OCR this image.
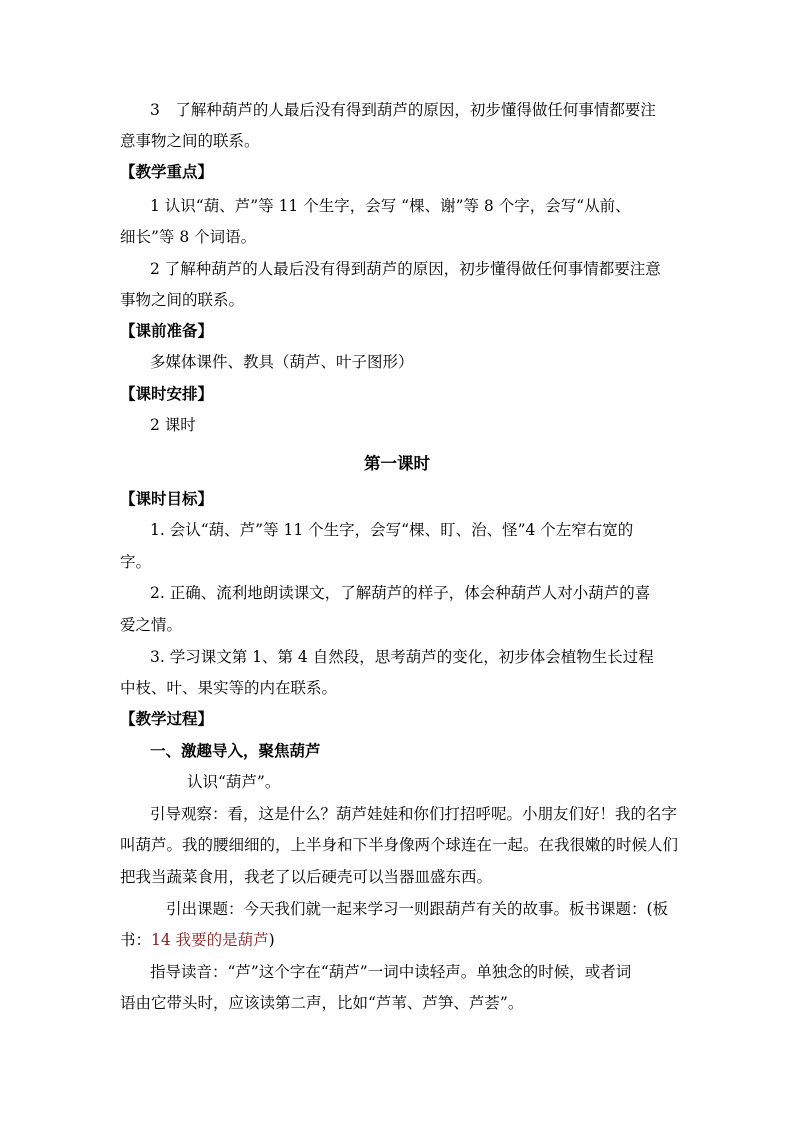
3　了解种葫芦的人最后没有得到葫芦的原因，初步懂得做任何事情都要注
意事物之间的联系。
【教学重点】
1 认识“葫、芦”等 11 个生字，会写 “棵、谢”等 8 个字，会写“从前、
细长”等 8 个词语。
2 了解种葫芦的人最后没有得到葫芦的原因，初步懂得做任何事情都要注意
事物之间的联系。
【课前准备】
多媒体课件、教具（葫芦、叶子图形）
【课时安排】
2 课时
第一课时
【课时目标】
1. 会认“葫、芦”等 11 个生字，会写“棵、盯、治、怪”4 个左窄右宽的
字。
2. 正确、流利地朗读课文，了解葫芦的样子，体会种葫芦人对小葫芦的喜
爱之情。
3. 学习课文第 1、第 4 自然段，思考葫芦的变化，初步体会植物生长过程
中枝、叶、果实等的内在联系。
【教学过程】
一、激趣导入，聚焦葫芦
认识“葫芦”。
引导观察：看，这是什么？葫芦娃娃和你们打招呼呢。小朋友们好！我的名字
叫葫芦。我的腰细细的，上半身和下半身像两个球连在一起。在我很嫩的时候人们
把我当蔬菜食用，我老了以后硬壳可以当器皿盛东西。
引出课题：今天我们就一起来学习一则跟葫芦有关的故事。板书课题：(板
书：14 我要的是葫芦)
指导读音：“芦”这个字在“葫芦”一词中读轻声。单独念的时候，或者词
语由它带头时，应该读第二声，比如“芦苇、芦笋、芦荟”。
